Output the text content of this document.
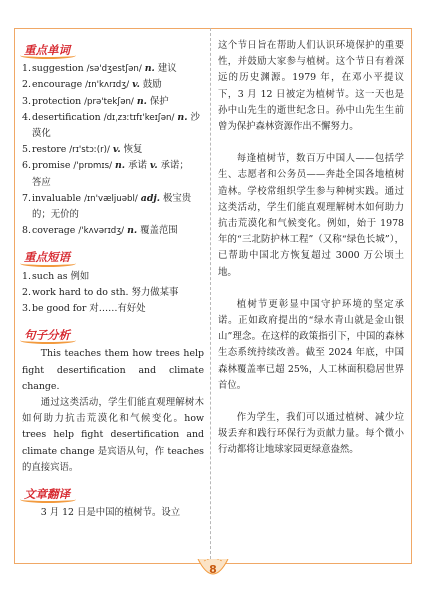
重点单词
1. suggestion /sə'dʒestʃən/ n. 建议
2. encourage /ɪn'kʌrɪdʒ/ v. 鼓励
3. protection /prə'tekʃən/ n. 保护
4. desertification /dɪˌzɜːtɪfɪ'keɪʃən/ n. 沙
漠化
5. restore /rɪ'stɔː(r)/ v. 恢复
6. promise /'prɒmɪs/ n. 承诺 v. 承诺；
答应
7. invaluable /ɪn'væljuəbl/ adj. 极宝贵
的；无价的
8. coverage /'kʌvərɪdʒ/ n. 覆盖范围
重点短语
1. such as 例如
2. work hard to do sth. 努力做某事
3. be good for 对……有好处
句子分析

This teaches them how trees help fight desertification and climate change.

通过这类活动，学生们能直观理解树木如何助力抗击荒漠化和气候变化。how trees help fight desertification and climate change 是宾语从句，作 teaches 的直接宾语。

文章翻译

3 月 12 日是中国的植树节。设立

这个节日旨在帮助人们认识环境保护的重要性，并鼓励大家参与植树。这个节日有着深远的历史渊源。1979 年，在邓小平提议下，3 月 12 日被定为植树节。这一天也是孙中山先生的逝世纪念日。孙中山先生生前曾为保护森林资源作出不懈努力。

每逢植树节，数百万中国人——包括学生、志愿者和公务员——奔赴全国各地植树造林。学校常组织学生参与种树实践。通过这类活动，学生们能直观理解树木如何助力抗击荒漠化和气候变化。例如，始于 1978 年的“三北防护林工程”（又称“绿色长城”），已帮助中国北方恢复超过 3000 万公顷土地。

植树节更彰显中国守护环境的坚定承诺。正如政府提出的“绿水青山就是金山银山”理念。在这样的政策指引下，中国的森林生态系统持续改善。截至 2024 年底，中国森林覆盖率已超 25%，人工林面积稳居世界首位。

作为学生，我们可以通过植树、减少垃圾丢弃和践行环保行为贡献力量。每个微小行动都将让地球家园更绿意盎然。

8
